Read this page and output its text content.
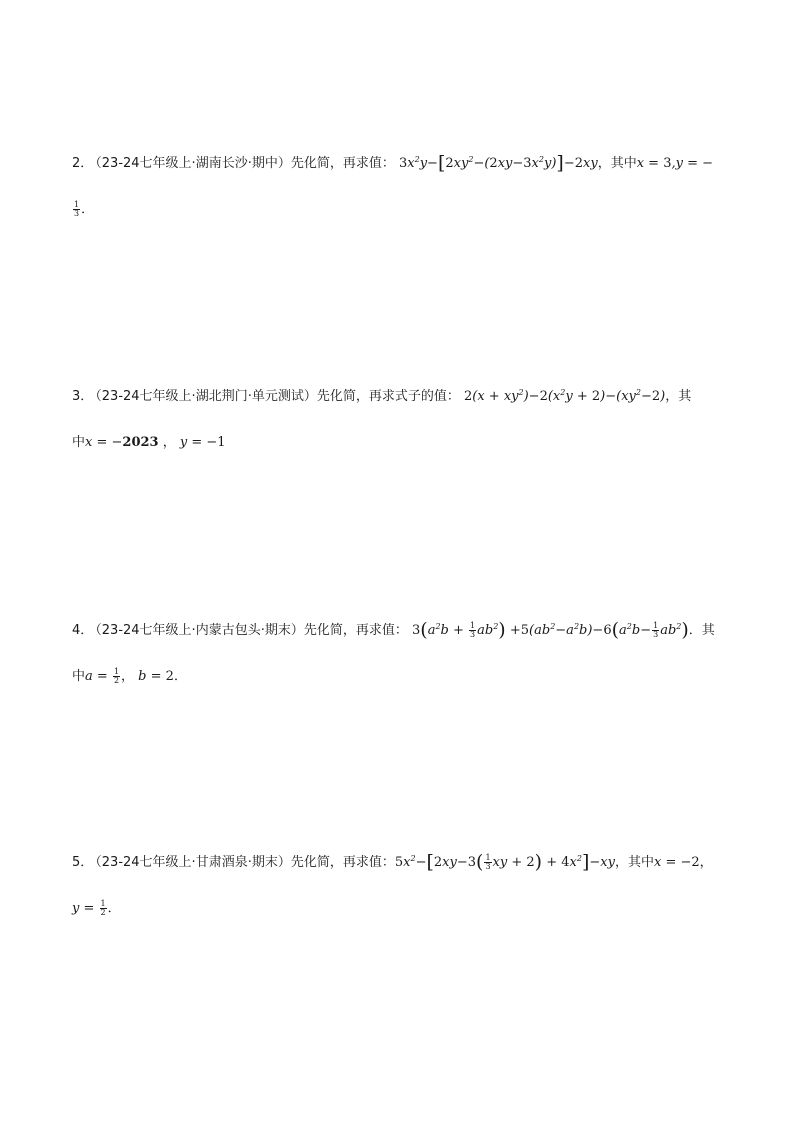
2． （23-24七年级上·湖南长沙·期中）先化简，再求值： $3x^2y-[2xy^2-(2xy-3x^2y)]-2xy$，其中x = 3,y = −
$\frac{1}{3}$ ．
3． （23-24七年级上·湖北荆门·单元测试）先化简，再求式子的值： $2(x + xy^2)-2(x^2y + 2)-(xy^2-2)$，其
中x = −2023 ， y = −1
4． （23-24七年级上·内蒙古包头·期末）先化简，再求值： $3(a^2b + \frac{1}{3} ab^2) +5(ab^2-a^2b)-6(a^2b- \frac{1}{3} ab^2)$．其
中$a = \frac{1}{2}$ ， b = 2．
5． （23-24七年级上·甘肃酒泉·期末）先化简，再求值：$5x^2-[2xy-3( \frac{1}{3}$ xy + $2) + 4x^2]-xy$，其中x = −2，
$y = \frac{1}{2}$ ．
